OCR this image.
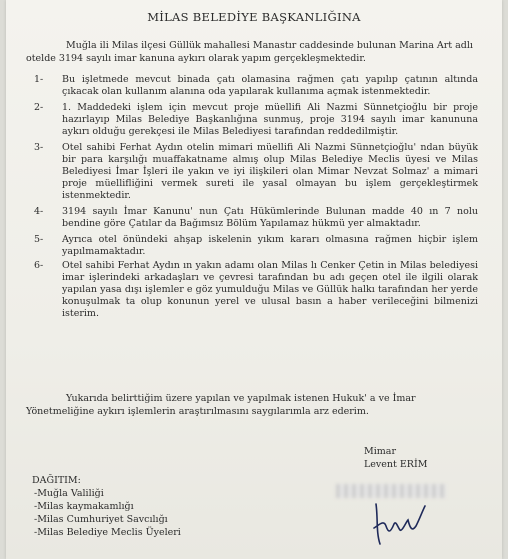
MİLAS BELEDİYE BAŞKANLIĞINA
Muğla ili Milas ilçesi Güllük mahallesi Manastır caddesinde bulunan Marina Art adlı otelde 3194 sayılı imar kanuna aykırı olarak yapım gerçekleşmektedir.
1-	Bu işletmede mevcut binada çatı olamasina rağmen çatı yapılıp çatının altında çıkacak olan kullanım alanına oda yapılarak kullanıma açmak istenmektedir.
2-	1. Maddedeki işlem için mevcut proje müellifi Ali Nazmi Sünnetçioğlu bir proje hazırlayıp Milas Belediye Başkanlığına sunmuş, proje 3194 sayılı imar kanununa aykırı olduğu gerekçesi ile Milas Belediyesi tarafından reddedilmiştir.
3-	Otel sahibi Ferhat Aydın otelin mimari müellifi Ali Nazmi Sünnetçioğlu' ndan büyük bir para karşılığı muaffakatname almış olup Milas Belediye Meclis üyesi ve Milas Belediyesi İmar İşleri ile yakın ve iyi ilişkileri olan Mimar Nevzat Solmaz' a mimari proje müellifliğini vermek sureti ile yasal olmayan bu işlem gerçekleştirmek istenmektedir.
4-	3194 sayılı İmar Kanunu' nun Çatı Hükümlerinde Bulunan madde 40 ın 7 nolu bendine göre Çatılar da Bağımsız Bölüm Yapılamaz hükmü yer almaktadır.
5-	Ayrıca otel önündeki ahşap iskelenin yıkım kararı olmasına rağmen hiçbir işlem yapılmamaktadır.
6-	Otel sahibi Ferhat Aydın ın yakın adamı olan Milas lı Cenker Çetin in Milas belediyesi imar işlerindeki arkadaşları ve çevresi tarafından bu adı geçen otel ile ilgili olarak yapılan yasa dışı işlemler e göz yumulduğu Milas ve Güllük halkı tarafından her yerde konuşulmak ta olup konunun yerel ve ulusal basın a haber verileceğini bilmenizi isterim.
Yukarıda belirttiğim üzere yapılan ve yapılmak istenen Hukuk' a ve İmar Yönetmeliğine aykırı işlemlerin araştırılmasını saygılarımla arz ederim.
Mimar
Levent ERİM
DAĞITIM:
-Muğla Valiliği
-Milas kaymakamlığı
-Milas Cumhuriyet Savcılığı
-Milas Belediye Meclis Üyeleri
